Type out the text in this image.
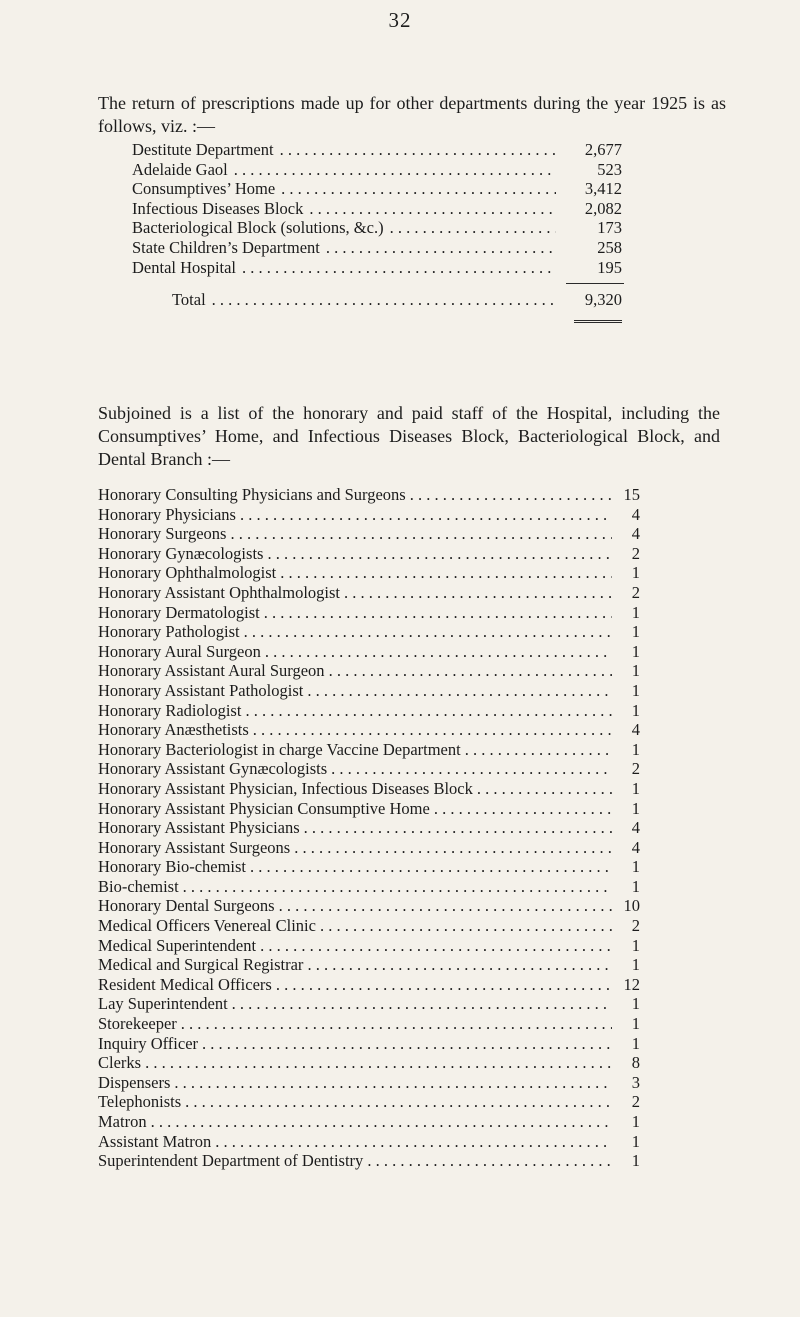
32

The return of prescriptions made up for other departments during the year 1925 is as follows, viz. :—

Destitute Department . . .	2,677
Adelaide Gaol . . .	523
Consumptives’ Home . . .	3,412
Infectious Diseases Block . . .	2,082
Bacteriological Block (solutions, &c.) . . .	173
State Children’s Department . . .	258
Dental Hospital . . .	195
Total . . .	9,320

Subjoined is a list of the honorary and paid staff of the Hospital, including the Consumptives’ Home, and Infectious Diseases Block, Bacteriological Block, and Dental Branch :—

Honorary Consulting Physicians and Surgeons . . .	15
Honorary Physicians . . .	4
Honorary Surgeons . . .	4
Honorary Gynæcologists . . .	2
Honorary Ophthalmologist . . .	1
Honorary Assistant Ophthalmologist . . .	2
Honorary Dermatologist . . .	1
Honorary Pathologist . . .	1
Honorary Aural Surgeon . . .	1
Honorary Assistant Aural Surgeon . . .	1
Honorary Assistant Pathologist . . .	1
Honorary Radiologist . . .	1
Honorary Anæsthetists . . .	4
Honorary Bacteriologist in charge Vaccine Department . . .	1
Honorary Assistant Gynæcologists . . .	2
Honorary Assistant Physician, Infectious Diseases Block . . .	1
Honorary Assistant Physician Consumptive Home . . .	1
Honorary Assistant Physicians . . .	4
Honorary Assistant Surgeons . . .	4
Honorary Bio-chemist . . .	1
Bio-chemist . . .	1
Honorary Dental Surgeons . . .	10
Medical Officers Venereal Clinic . . .	2
Medical Superintendent . . .	1
Medical and Surgical Registrar . . .	1
Resident Medical Officers . . .	12
Lay Superintendent . . .	1
Storekeeper . . .	1
Inquiry Officer . . .	1
Clerks . . .	8
Dispensers . . .	3
Telephonists . . .	2
Matron . . .	1
Assistant Matron . . .	1
Superintendent Department of Dentistry . . .	1
